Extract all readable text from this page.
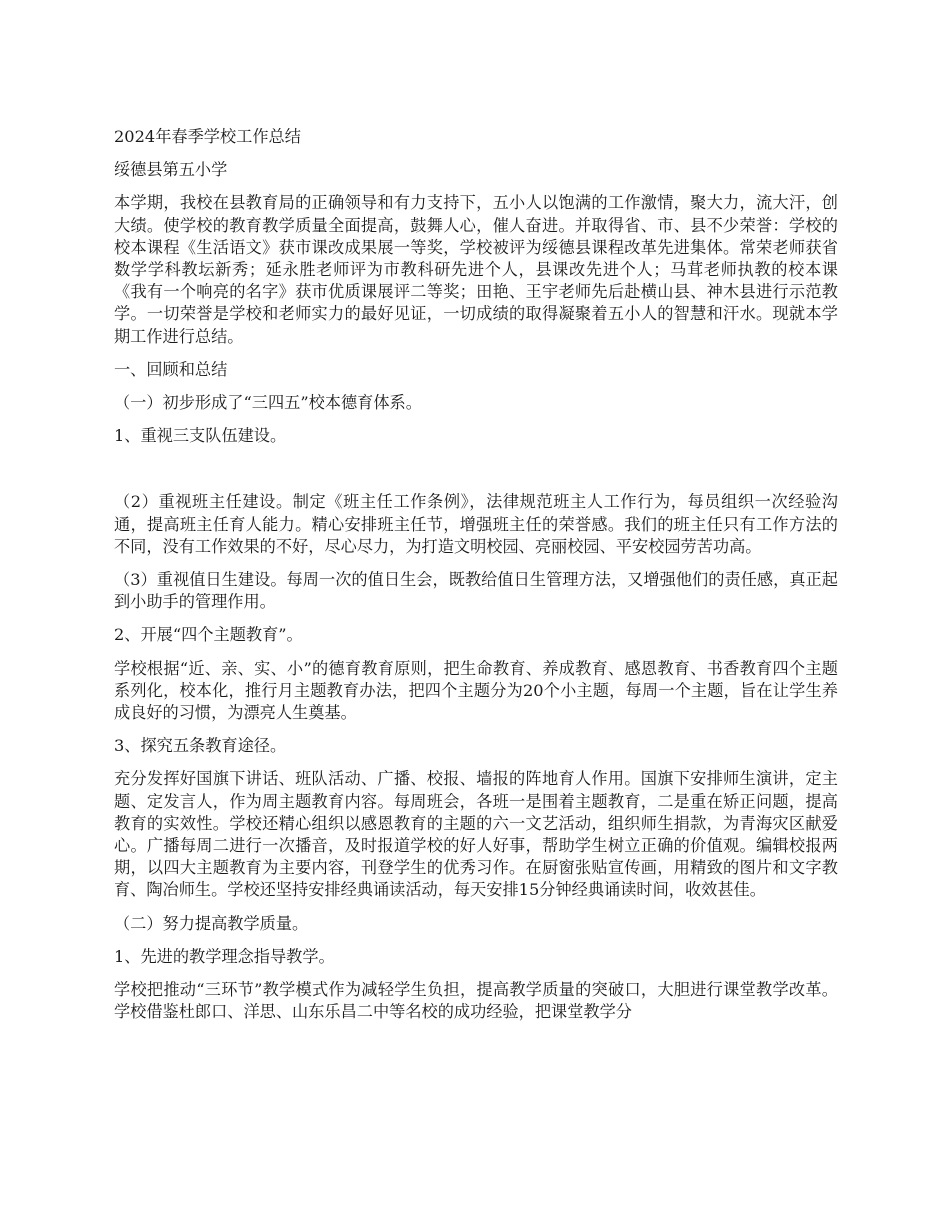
2024年春季学校工作总结

绥德县第五小学

本学期，我校在县教育局的正确领导和有力支持下，五小人以饱满的工作激情，聚大力，流大汗，创大绩。使学校的教育教学质量全面提高，鼓舞人心，催人奋进。并取得省、市、县不少荣誉：学校的校本课程《生活语文》获市课改成果展一等奖，学校被评为绥德县课程改革先进集体。常荣老师获省数学学科教坛新秀；延永胜老师评为市教科研先进个人，县课改先进个人；马茸老师执教的校本课《我有一个响亮的名字》获市优质课展评二等奖；田艳、王宇老师先后赴横山县、神木县进行示范教学。一切荣誉是学校和老师实力的最好见证，一切成绩的取得凝聚着五小人的智慧和汗水。现就本学期工作进行总结。

一、回顾和总结

（一）初步形成了“三四五”校本德育体系。

1、重视三支队伍建设。

（2）重视班主任建设。制定《班主任工作条例》，法律规范班主人工作行为，每员组织一次经验沟通，提高班主任育人能力。精心安排班主任节，增强班主任的荣誉感。我们的班主任只有工作方法的不同，没有工作效果的不好，尽心尽力，为打造文明校园、亮丽校园、平安校园劳苦功高。

（3）重视值日生建设。每周一次的值日生会，既教给值日生管理方法，又增强他们的责任感，真正起到小助手的管理作用。

2、开展“四个主题教育”。

学校根据“近、亲、实、小”的德育教育原则，把生命教育、养成教育、感恩教育、书香教育四个主题系列化，校本化，推行月主题教育办法，把四个主题分为20个小主题，每周一个主题，旨在让学生养成良好的习惯，为漂亮人生奠基。

3、探究五条教育途径。

充分发挥好国旗下讲话、班队活动、广播、校报、墙报的阵地育人作用。国旗下安排师生演讲，定主题、定发言人，作为周主题教育内容。每周班会，各班一是围着主题教育，二是重在矫正问题，提高教育的实效性。学校还精心组织以感恩教育的主题的六一文艺活动，组织师生捐款，为青海灾区献爱心。广播每周二进行一次播音，及时报道学校的好人好事，帮助学生树立正确的价值观。编辑校报两期，以四大主题教育为主要内容，刊登学生的优秀习作。在厨窗张贴宣传画，用精致的图片和文字教育、陶冶师生。学校还坚持安排经典诵读活动，每天安排15分钟经典诵读时间，收效甚佳。

（二）努力提高教学质量。

1、先进的教学理念指导教学。

学校把推动“三环节”教学模式作为减轻学生负担，提高教学质量的突破口，大胆进行课堂教学改革。学校借鉴杜郎口、洋思、山东乐昌二中等名校的成功经验，把课堂教学分
